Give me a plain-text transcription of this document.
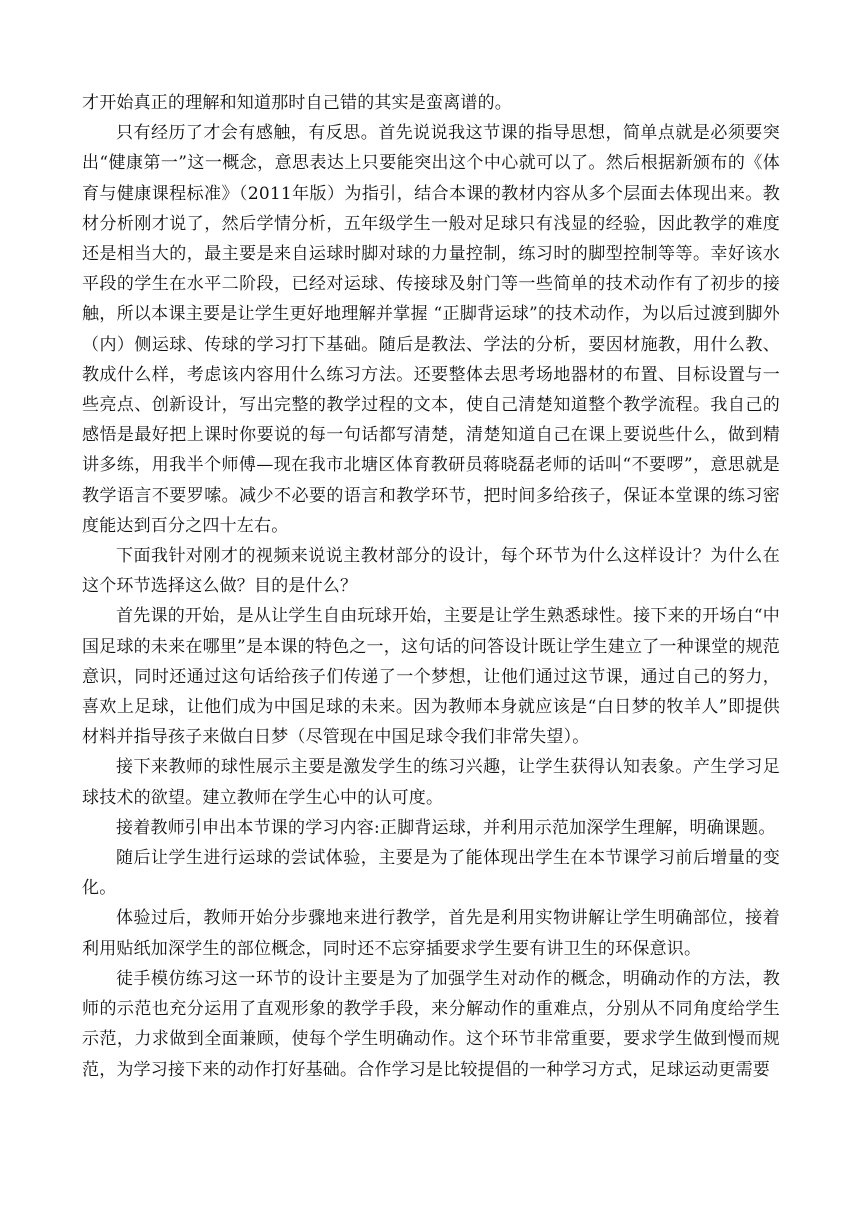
才开始真正的理解和知道那时自己错的其实是蛮离谱的。

只有经历了才会有感触，有反思。首先说说我这节课的指导思想，简单点就是必须要突出“健康第一”这一概念，意思表达上只要能突出这个中心就可以了。然后根据新颁布的《体育与健康课程标准》（2011年版）为指引，结合本课的教材内容从多个层面去体现出来。教材分析刚才说了，然后学情分析，五年级学生一般对足球只有浅显的经验，因此教学的难度还是相当大的，最主要是来自运球时脚对球的力量控制，练习时的脚型控制等等。幸好该水平段的学生在水平二阶段，已经对运球、传接球及射门等一些简单的技术动作有了初步的接触，所以本课主要是让学生更好地理解并掌握 “正脚背运球”的技术动作，为以后过渡到脚外（内）侧运球、传球的学习打下基础。随后是教法、学法的分析，要因材施教，用什么教、教成什么样，考虑该内容用什么练习方法。还要整体去思考场地器材的布置、目标设置与一些亮点、创新设计，写出完整的教学过程的文本，使自己清楚知道整个教学流程。我自己的感悟是最好把上课时你要说的每一句话都写清楚，清楚知道自己在课上要说些什么，做到精讲多练，用我半个师傅—现在我市北塘区体育教研员蒋晓磊老师的话叫“不要啰”，意思就是教学语言不要罗嗦。减少不必要的语言和教学环节，把时间多给孩子，保证本堂课的练习密度能达到百分之四十左右。

下面我针对刚才的视频来说说主教材部分的设计，每个环节为什么这样设计？为什么在这个环节选择这么做？目的是什么？

首先课的开始，是从让学生自由玩球开始，主要是让学生熟悉球性。接下来的开场白“中国足球的未来在哪里”是本课的特色之一，这句话的问答设计既让学生建立了一种课堂的规范意识，同时还通过这句话给孩子们传递了一个梦想，让他们通过这节课，通过自己的努力，喜欢上足球，让他们成为中国足球的未来。因为教师本身就应该是“白日梦的牧羊人”即提供材料并指导孩子来做白日梦（尽管现在中国足球令我们非常失望）。

接下来教师的球性展示主要是激发学生的练习兴趣，让学生获得认知表象。产生学习足球技术的欲望。建立教师在学生心中的认可度。

接着教师引申出本节课的学习内容:正脚背运球，并利用示范加深学生理解，明确课题。

随后让学生进行运球的尝试体验，主要是为了能体现出学生在本节课学习前后增量的变化。

体验过后，教师开始分步骤地来进行教学，首先是利用实物讲解让学生明确部位，接着利用贴纸加深学生的部位概念，同时还不忘穿插要求学生要有讲卫生的环保意识。

徒手模仿练习这一环节的设计主要是为了加强学生对动作的概念，明确动作的方法，教师的示范也充分运用了直观形象的教学手段，来分解动作的重难点，分别从不同角度给学生示范，力求做到全面兼顾，使每个学生明确动作。这个环节非常重要，要求学生做到慢而规范，为学习接下来的动作打好基础。合作学习是比较提倡的一种学习方式，足球运动更需要
